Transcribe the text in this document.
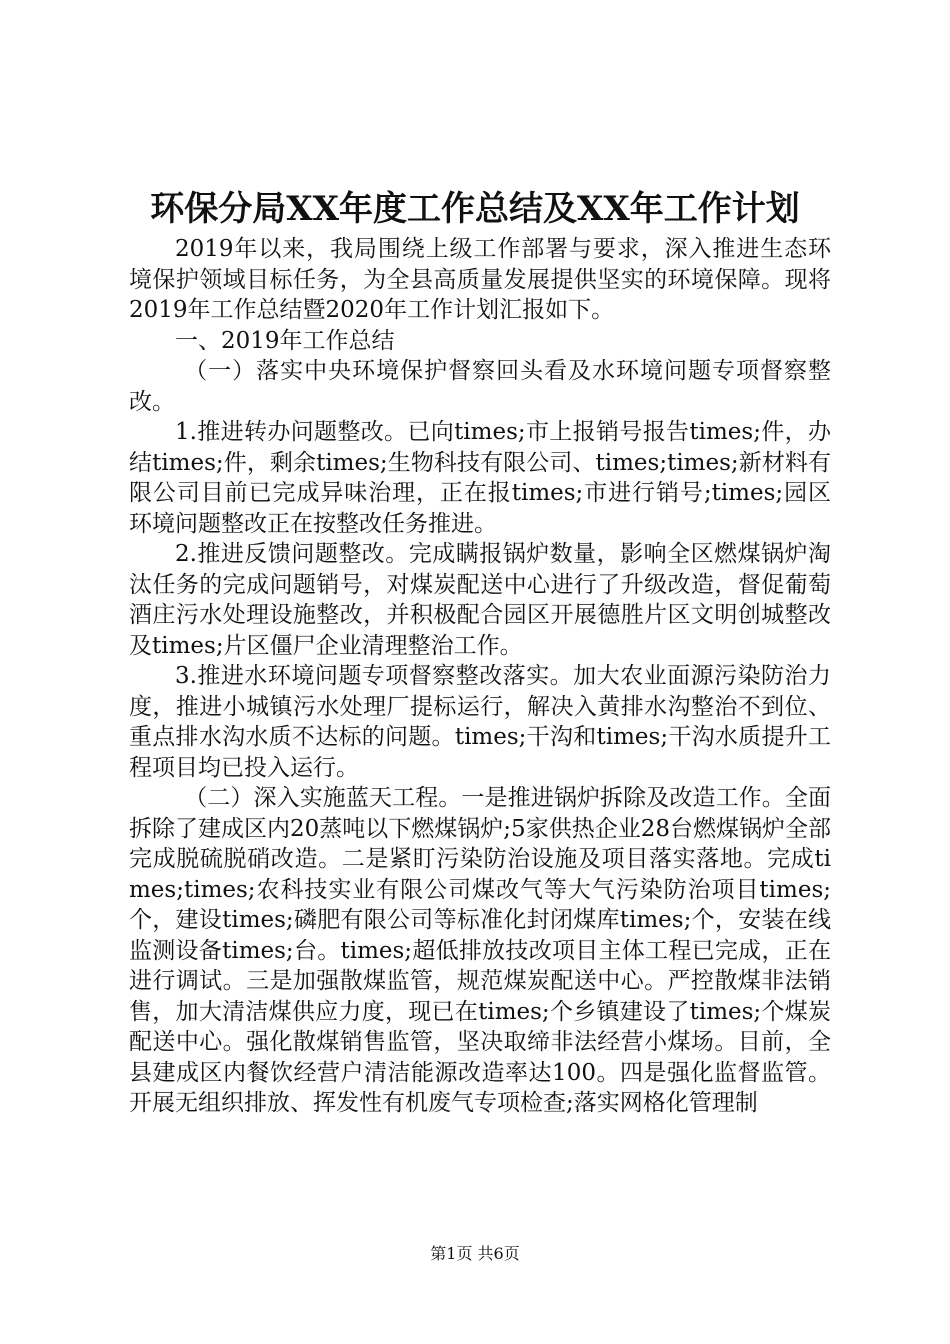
环保分局XX年度工作总结及XX年工作计划

2019年以来，我局围绕上级工作部署与要求，深入推进生态环境保护领域目标任务，为全县高质量发展提供坚实的环境保障。现将2019年工作总结暨2020年工作计划汇报如下。

一、2019年工作总结

（一）落实中央环境保护督察回头看及水环境问题专项督察整改。

1.推进转办问题整改。已向times;市上报销号报告times;件，办结times;件，剩余times;生物科技有限公司、times;times;新材料有限公司目前已完成异味治理，正在报times;市进行销号;times;园区环境问题整改正在按整改任务推进。

2.推进反馈问题整改。完成瞒报锅炉数量，影响全区燃煤锅炉淘汰任务的完成问题销号，对煤炭配送中心进行了升级改造，督促葡萄酒庄污水处理设施整改，并积极配合园区开展德胜片区文明创城整改及times;片区僵尸企业清理整治工作。

3.推进水环境问题专项督察整改落实。加大农业面源污染防治力度，推进小城镇污水处理厂提标运行，解决入黄排水沟整治不到位、重点排水沟水质不达标的问题。times;干沟和times;干沟水质提升工程项目均已投入运行。

（二）深入实施蓝天工程。一是推进锅炉拆除及改造工作。全面拆除了建成区内20蒸吨以下燃煤锅炉;5家供热企业28台燃煤锅炉全部完成脱硫脱硝改造。二是紧盯污染防治设施及项目落实落地。完成times;times;农科技实业有限公司煤改气等大气污染防治项目times;个，建设times;磷肥有限公司等标准化封闭煤库times;个，安装在线监测设备times;台。times;超低排放技改项目主体工程已完成，正在进行调试。三是加强散煤监管，规范煤炭配送中心。严控散煤非法销售，加大清洁煤供应力度，现已在times;个乡镇建设了times;个煤炭配送中心。强化散煤销售监管，坚决取缔非法经营小煤场。目前，全县建成区内餐饮经营户清洁能源改造率达100。四是强化监督监管。开展无组织排放、挥发性有机废气专项检查;落实网格化管理制

第1页 共6页
